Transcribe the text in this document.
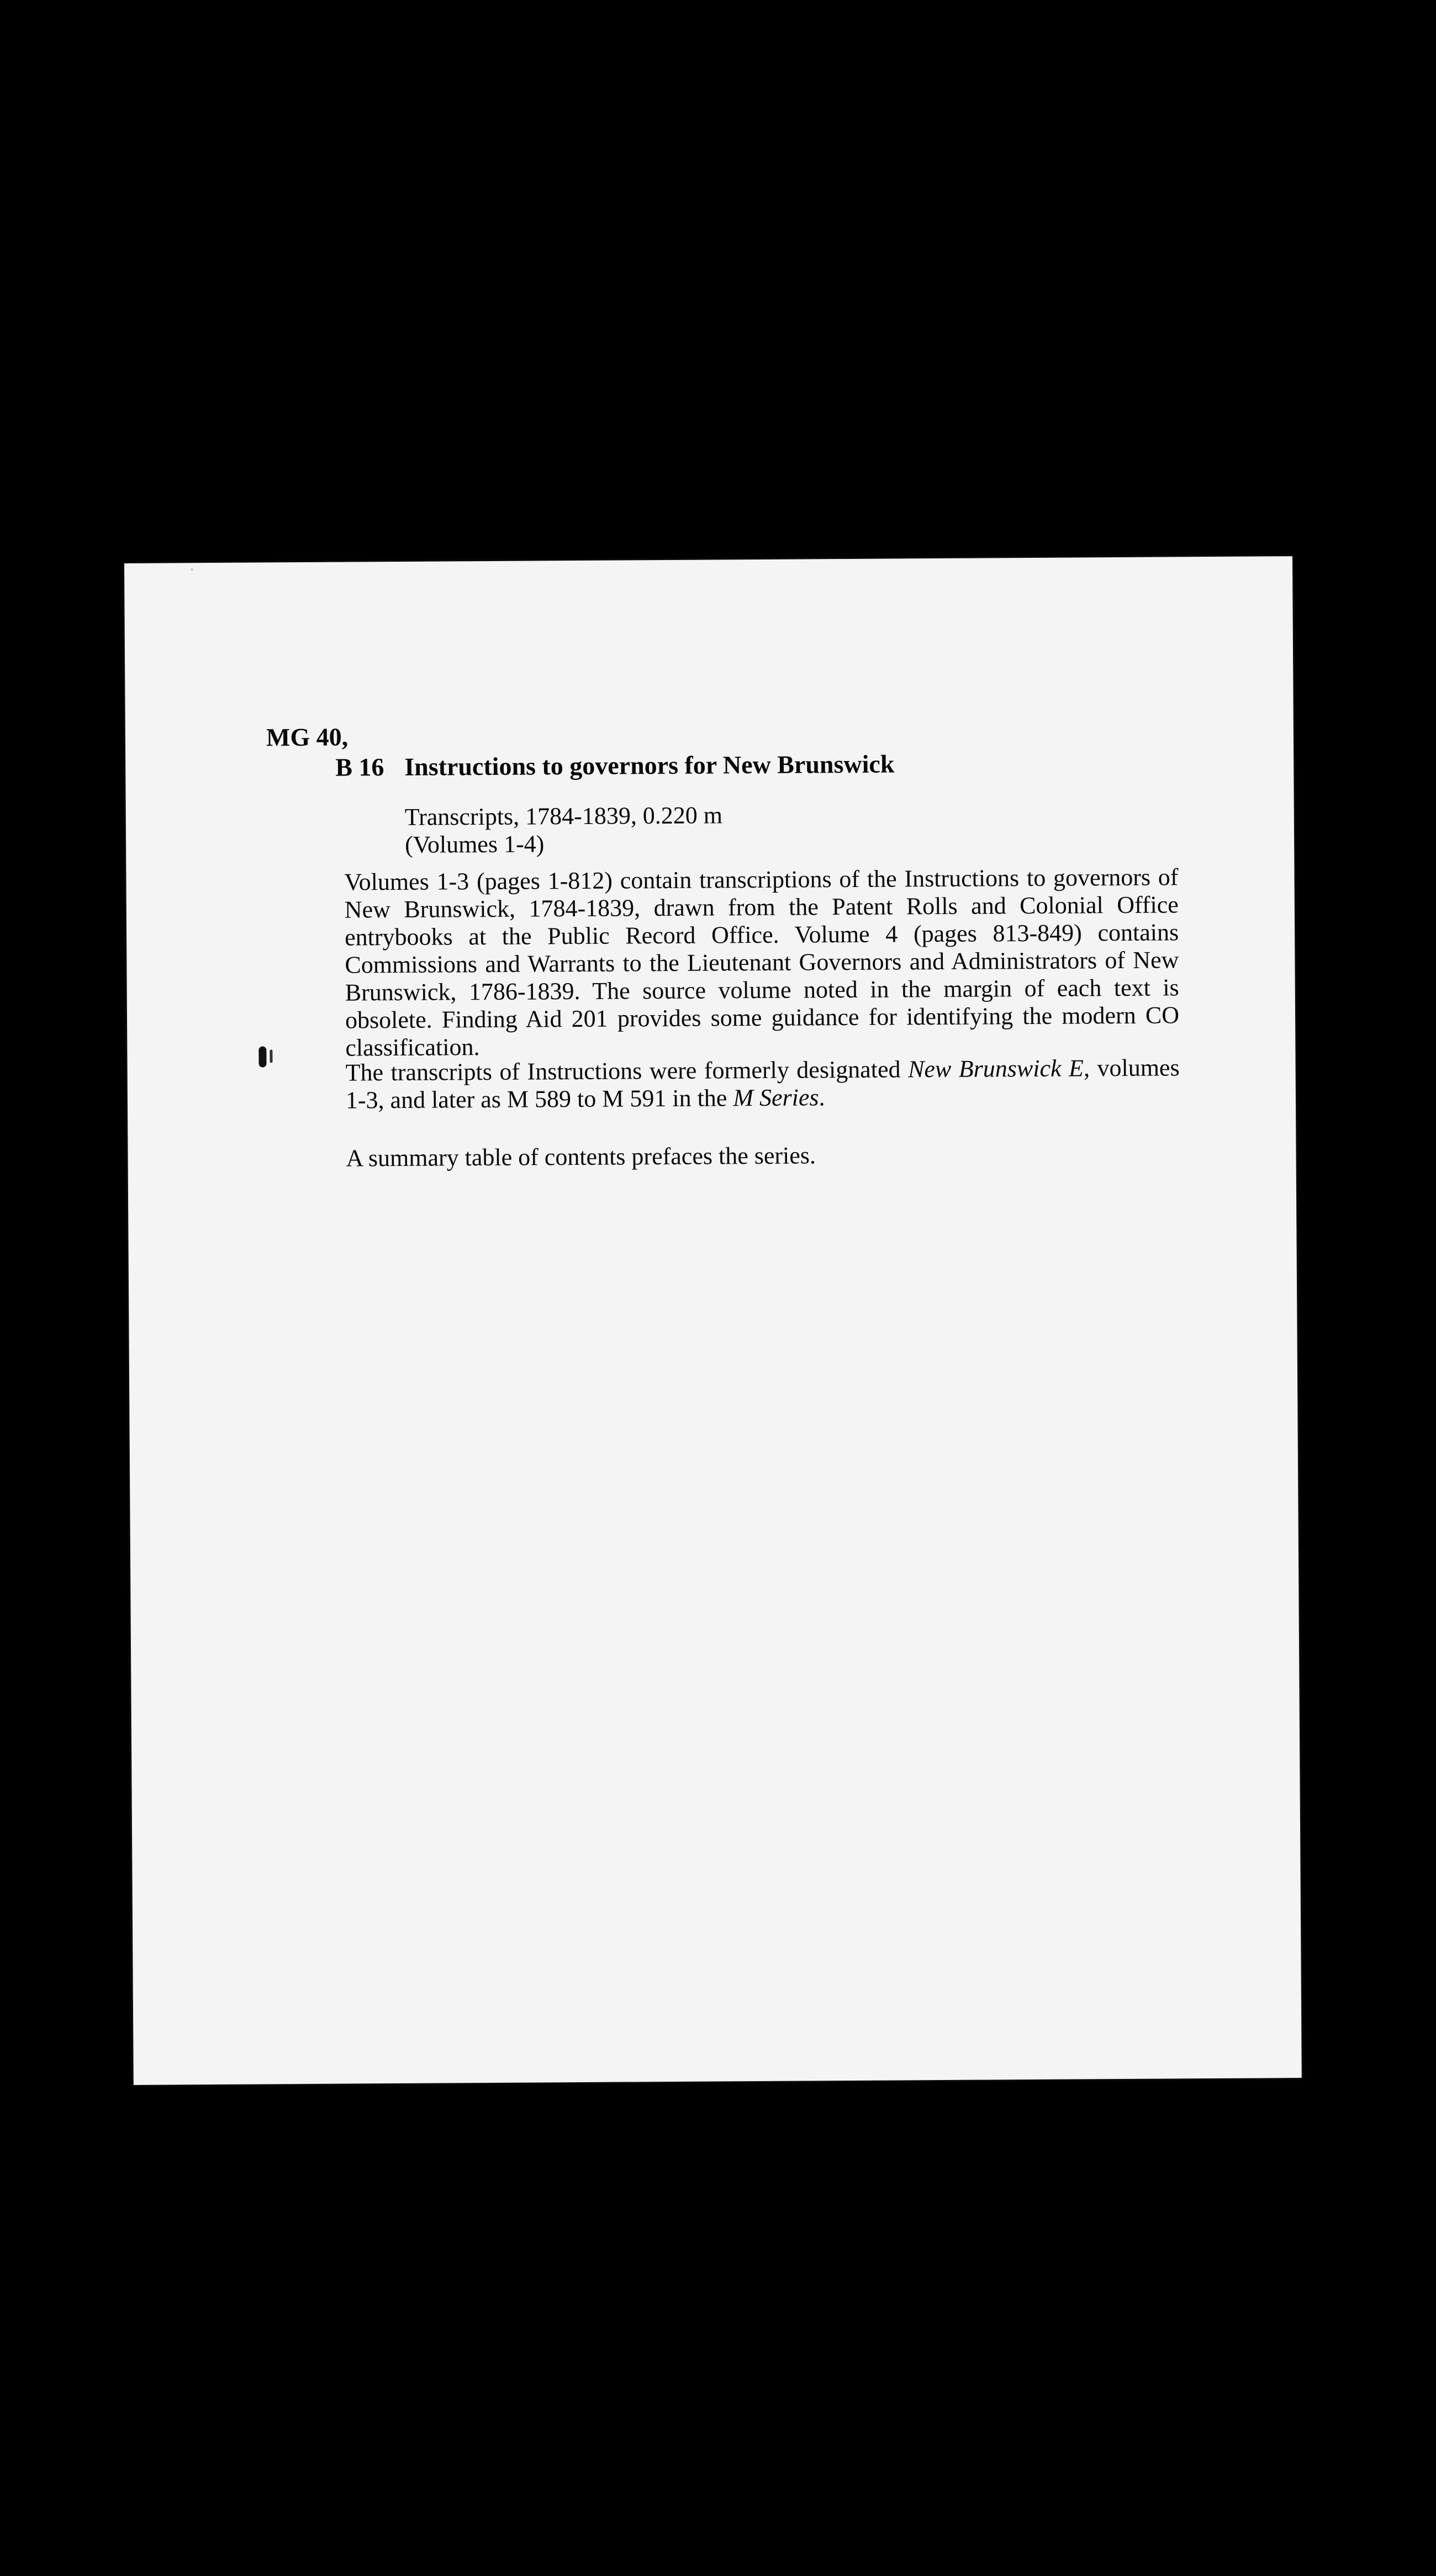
MG 40,
B 16 Instructions to governors for New Brunswick
Transcripts, 1784-1839, 0.220 m
(Volumes 1-4)
Volumes 1-3 (pages 1-812) contain transcriptions of the Instructions to governors of New Brunswick, 1784-1839, drawn from the Patent Rolls and Colonial Office entrybooks at the Public Record Office. Volume 4 (pages 813-849) contains Commissions and Warrants to the Lieutenant Governors and Administrators of New Brunswick, 1786-1839. The source volume noted in the margin of each text is obsolete. Finding Aid 201 provides some guidance for identifying the modern CO classification.
The transcripts of Instructions were formerly designated New Brunswick E, volumes 1-3, and later as M 589 to M 591 in the M Series.
A summary table of contents prefaces the series.
